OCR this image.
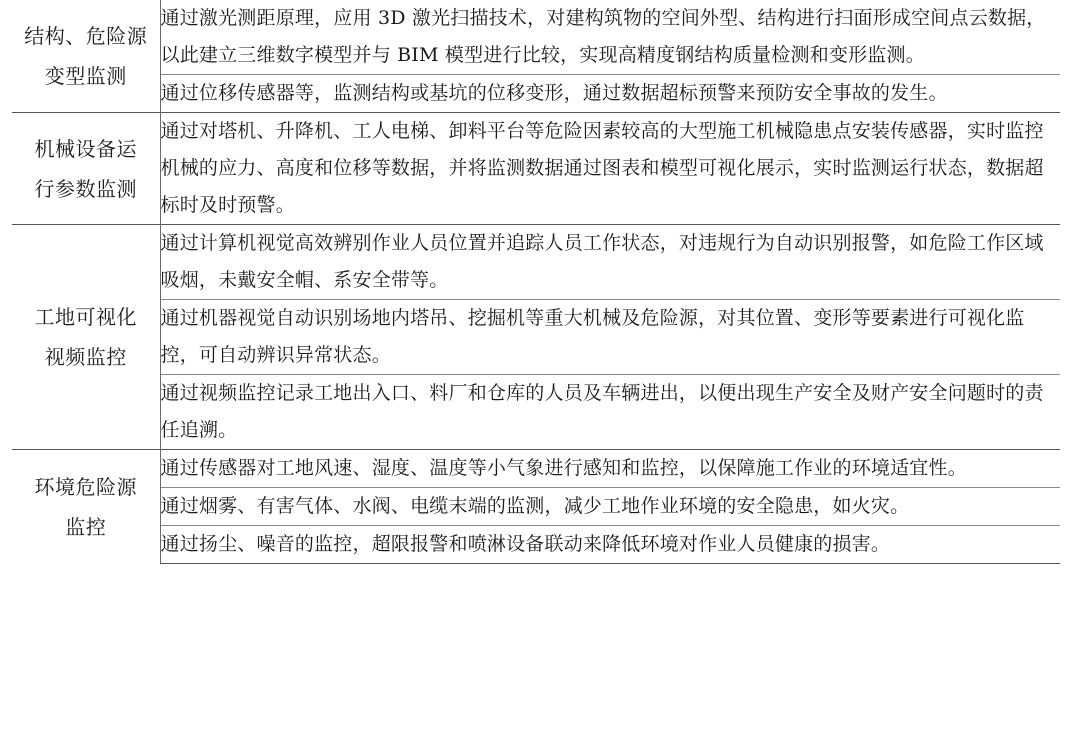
结构、危险源
变型监测	通过激光测距原理，应用 3D 激光扫描技术，对建构筑物的空间外型、结构进行扫面形成空间点云数据，以此建立三维数字模型并与 BIM 模型进行比较，实现高精度钢结构质量检测和变形监测。
	通过位移传感器等，监测结构或基坑的位移变形，通过数据超标预警来预防安全事故的发生。

机械设备运
行参数监测	通过对塔机、升降机、工人电梯、卸料平台等危险因素较高的大型施工机械隐患点安装传感器，实时监控机械的应力、高度和位移等数据，并将监测数据通过图表和模型可视化展示，实时监测运行状态，数据超标时及时预警。

工地可视化
视频监控	通过计算机视觉高效辨别作业人员位置并追踪人员工作状态，对违规行为自动识别报警，如危险工作区域吸烟，未戴安全帽、系安全带等。
	通过机器视觉自动识别场地内塔吊、挖掘机等重大机械及危险源，对其位置、变形等要素进行可视化监控，可自动辨识异常状态。
	通过视频监控记录工地出入口、料厂和仓库的人员及车辆进出，以便出现生产安全及财产安全问题时的责任追溯。

环境危险源
监控	通过传感器对工地风速、湿度、温度等小气象进行感知和监控，以保障施工作业的环境适宜性。
	通过烟雾、有害气体、水阀、电缆末端的监测，减少工地作业环境的安全隐患，如火灾。
	通过扬尘、噪音的监控，超限报警和喷淋设备联动来降低环境对作业人员健康的损害。
